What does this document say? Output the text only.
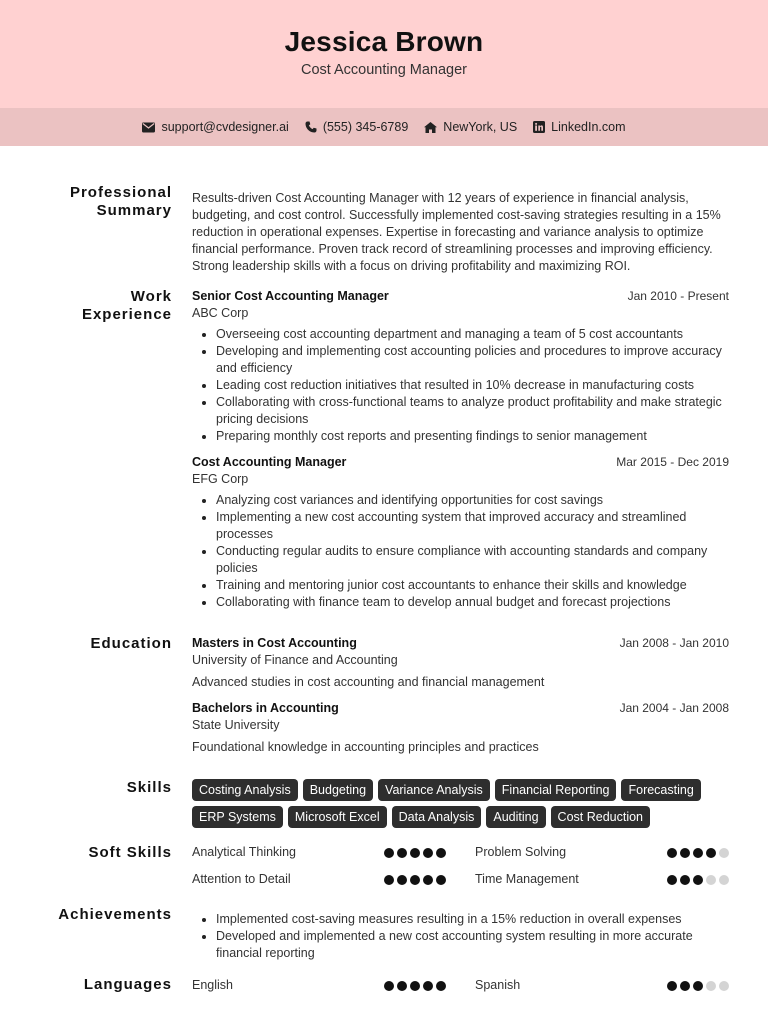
Jessica Brown
Cost Accounting Manager
support@cvdesigner.ai	(555) 345-6789	NewYork, US	LinkedIn.com
Professional Summary
Results-driven Cost Accounting Manager with 12 years of experience in financial analysis, budgeting, and cost control. Successfully implemented cost-saving strategies resulting in a 15% reduction in operational expenses. Expertise in forecasting and variance analysis to optimize financial performance. Proven track record of streamlining processes and improving efficiency. Strong leadership skills with a focus on driving profitability and maximizing ROI.
Work Experience
Senior Cost Accounting Manager	Jan 2010 - Present
ABC Corp
Overseeing cost accounting department and managing a team of 5 cost accountants
Developing and implementing cost accounting policies and procedures to improve accuracy and efficiency
Leading cost reduction initiatives that resulted in 10% decrease in manufacturing costs
Collaborating with cross-functional teams to analyze product profitability and make strategic pricing decisions
Preparing monthly cost reports and presenting findings to senior management
Cost Accounting Manager	Mar 2015 - Dec 2019
EFG Corp
Analyzing cost variances and identifying opportunities for cost savings
Implementing a new cost accounting system that improved accuracy and streamlined processes
Conducting regular audits to ensure compliance with accounting standards and company policies
Training and mentoring junior cost accountants to enhance their skills and knowledge
Collaborating with finance team to develop annual budget and forecast projections
Education Masters in Cost Accounting	Jan 2008 - Jan 2010
University of Finance and Accounting
Advanced studies in cost accounting and financial management
Bachelors in Accounting	Jan 2004 - Jan 2008
State University
Foundational knowledge in accounting principles and practices
Skills	Costing Analysis	Budgeting	Variance Analysis	Financial Reporting	Forecasting
ERP Systems	Microsoft Excel	Data Analysis	Auditing	Cost Reduction
Soft Skills Analytical Thinking	Problem Solving
Attention to Detail	Time Management
Achievements	Implemented cost-saving measures resulting in a 15% reduction in overall expenses
Developed and implemented a new cost accounting system resulting in more accurate financial reporting
Languages English	Spanish
